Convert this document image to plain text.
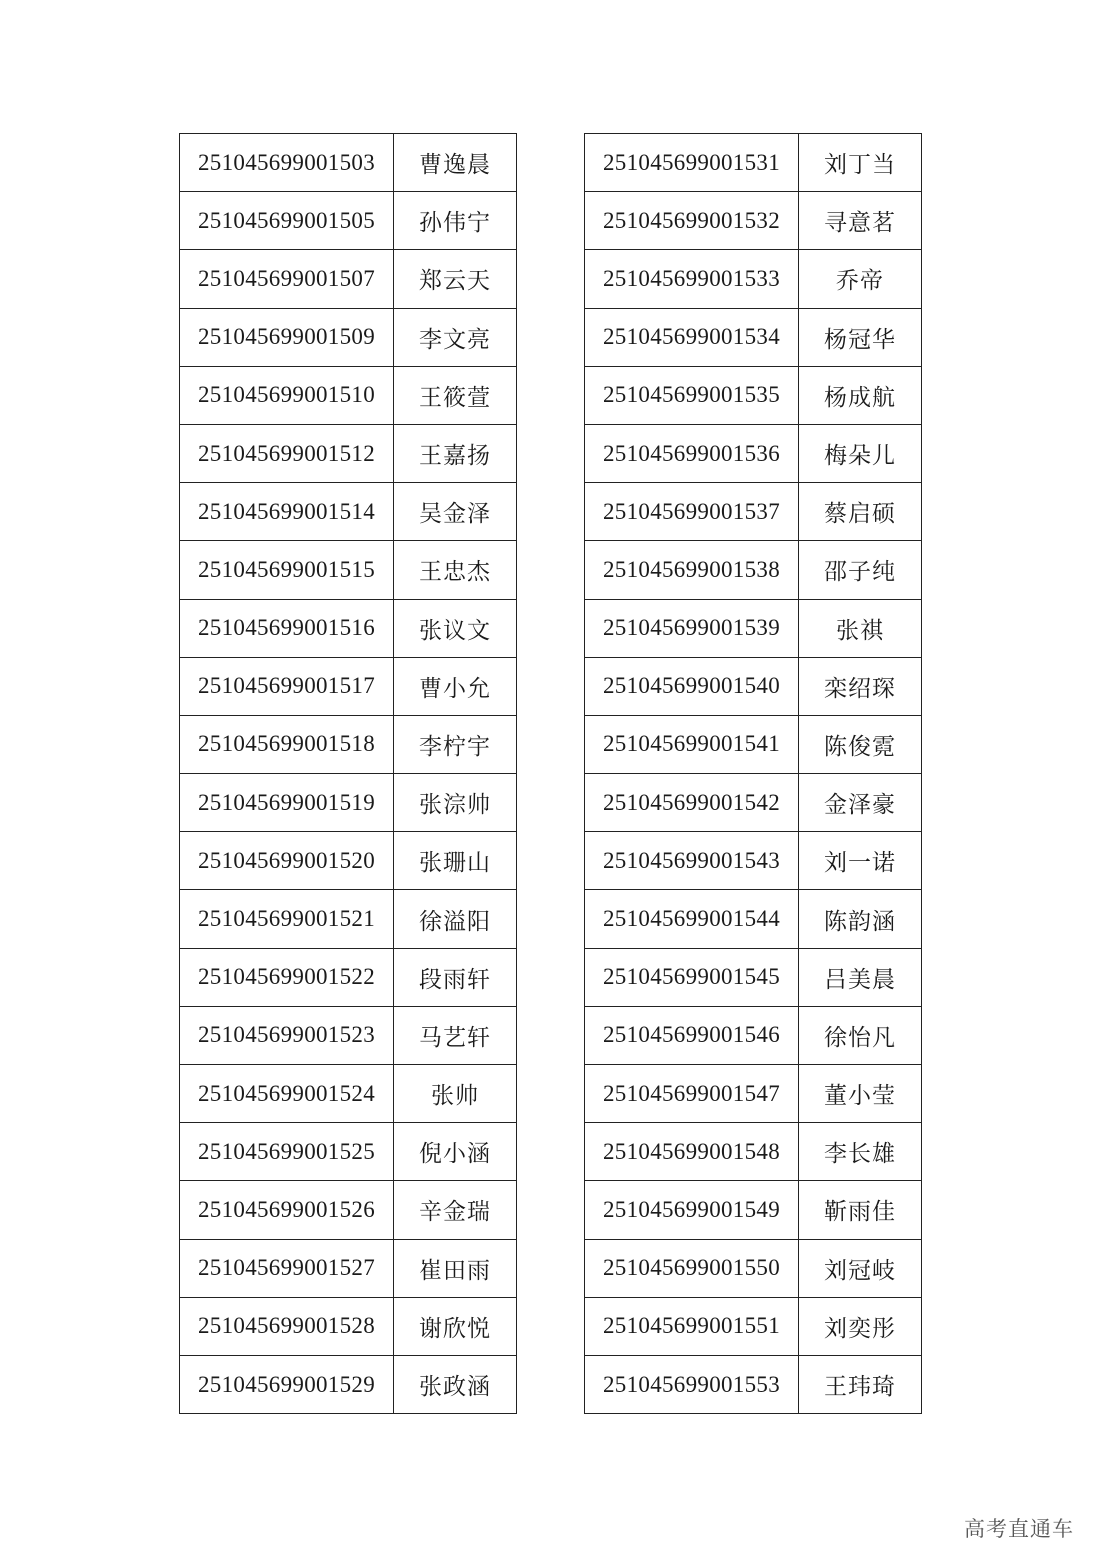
251045699001503	曹逸晨
251045699001505	孙伟宁
251045699001507	郑云天
251045699001509	李文亮
251045699001510	王筱萱
251045699001512	王嘉扬
251045699001514	吴金泽
251045699001515	王忠杰
251045699001516	张议文
251045699001517	曹小允
251045699001518	李柠宇
251045699001519	张淙帅
251045699001520	张珊山
251045699001521	徐溢阳
251045699001522	段雨轩
251045699001523	马艺轩
251045699001524	张帅
251045699001525	倪小涵
251045699001526	辛金瑞
251045699001527	崔田雨
251045699001528	谢欣悦
251045699001529	张政涵
251045699001531	刘丁当
251045699001532	寻意茗
251045699001533	乔帝
251045699001534	杨冠华
251045699001535	杨成航
251045699001536	梅朵儿
251045699001537	蔡启硕
251045699001538	邵子纯
251045699001539	张祺
251045699001540	栾绍琛
251045699001541	陈俊霓
251045699001542	金泽豪
251045699001543	刘一诺
251045699001544	陈韵涵
251045699001545	吕美晨
251045699001546	徐怡凡
251045699001547	董小莹
251045699001548	李长雄
251045699001549	靳雨佳
251045699001550	刘冠岐
251045699001551	刘奕彤
251045699001553	王玮琦
高考直通车
